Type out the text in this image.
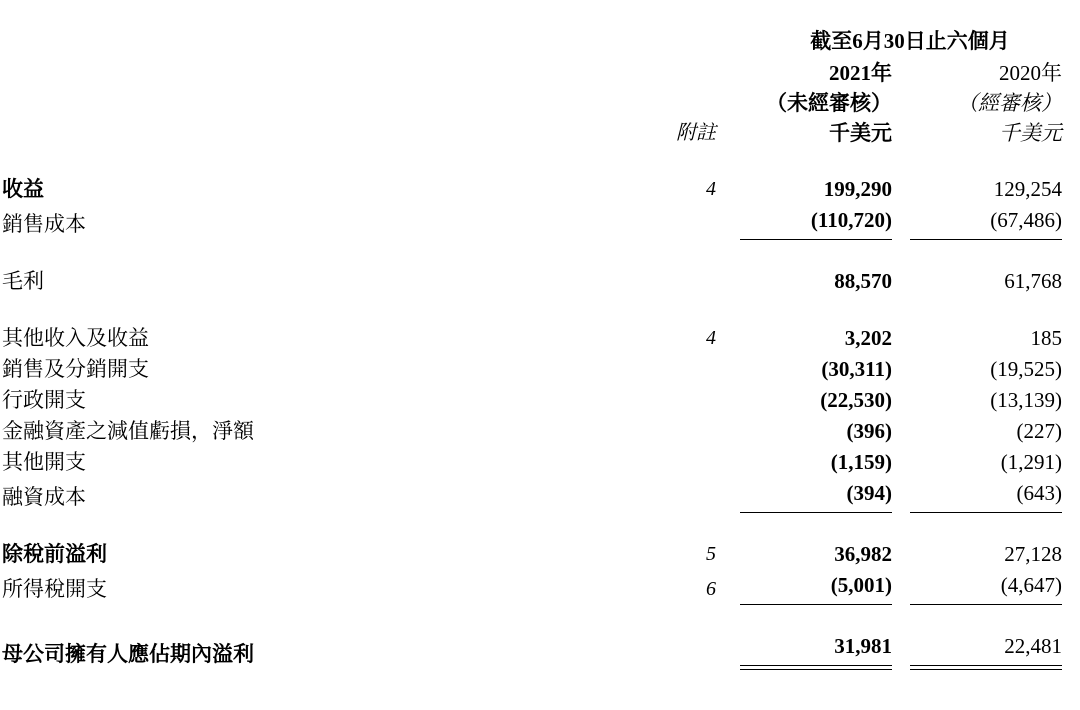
		截至6月30日止六個月	
		2021年	2020年
		（未經審核）	（經審核）
	附註	千美元	千美元

收益	4	199,290	129,254
銷售成本		(110,720)	(67,486)

毛利		88,570	61,768

其他收入及收益	4	3,202	185
銷售及分銷開支		(30,311)	(19,525)
行政開支		(22,530)	(13,139)
金融資產之減值虧損，淨額		(396)	(227)
其他開支		(1,159)	(1,291)
融資成本		(394)	(643)

除稅前溢利	5	36,982	27,128
所得稅開支	6	(5,001)	(4,647)

母公司擁有人應佔期內溢利		31,981	22,481
